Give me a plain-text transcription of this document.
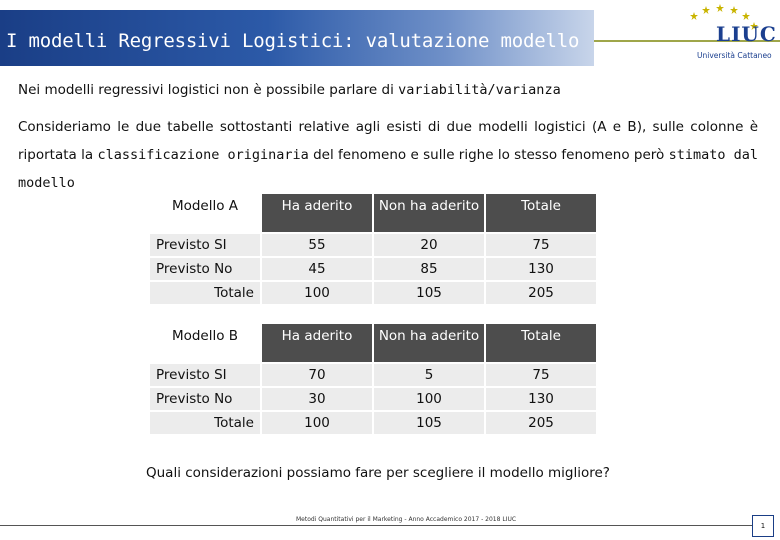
I modelli Regressivi Logistici: valutazione modello	LIUC
Università Cattaneo
Nei modelli regressivi logistici non è possibile parlare di variabilità/varianza
Consideriamo le due tabelle sottostanti relative agli esisti di due modelli logistici (A e B), sulle colonne è riportata la classificazione originaria del fenomeno e sulle righe lo stesso fenomeno però stimato dal modello
Modello A	Ha aderito	Non ha aderito	Totale
Previsto SI	55	20	75
Previsto No	45	85	130
Totale	100	105	205
Modello B	Ha aderito	Non ha aderito	Totale
Previsto SI	70	5	75
Previsto No	30	100	130
Totale	100	105	205
Quali considerazioni possiamo fare per scegliere il modello migliore?
Metodi Quantitativi per il Marketing - Anno Accademico 2017 - 2018 LIUC
1
